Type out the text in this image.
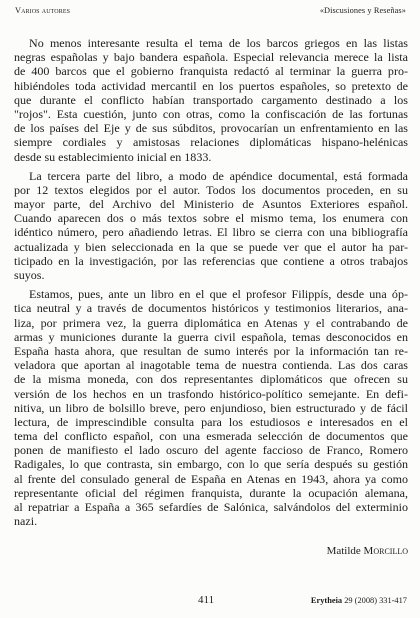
Varios autores	«Discusiones y Reseñas»
No menos interesante resulta el tema de los barcos griegos en las listas
negras españolas y bajo bandera española. Especial relevancia merece la lista
de 400 barcos que el gobierno franquista redactó al terminar la guerra pro-
hibiéndoles toda actividad mercantil en los puertos españoles, so pretexto de
que durante el conflicto habían transportado cargamento destinado a los
"rojos". Esta cuestión, junto con otras, como la confiscación de las fortunas
de los países del Eje y de sus súbditos, provocarían un enfrentamiento en las
siempre cordiales y amistosas relaciones diplomáticas hispano-helénicas
desde su establecimiento inicial en 1833.
La tercera parte del libro, a modo de apéndice documental, está formada
por 12 textos elegidos por el autor. Todos los documentos proceden, en su
mayor parte, del Archivo del Ministerio de Asuntos Exteriores español.
Cuando aparecen dos o más textos sobre el mismo tema, los enumera con
idéntico número, pero añadiendo letras. El libro se cierra con una bibliografía
actualizada y bien seleccionada en la que se puede ver que el autor ha par-
ticipado en la investigación, por las referencias que contiene a otros trabajos
suyos.
Estamos, pues, ante un libro en el que el profesor Filippís, desde una óp-
tica neutral y a través de documentos históricos y testimonios literarios, ana-
liza, por primera vez, la guerra diplomática en Atenas y el contrabando de
armas y municiones durante la guerra civil española, temas desconocidos en
España hasta ahora, que resultan de sumo interés por la información tan re-
veladora que aportan al inagotable tema de nuestra contienda. Las dos caras
de la misma moneda, con dos representantes diplomáticos que ofrecen su
versión de los hechos en un trasfondo histórico-político semejante. En defi-
nitiva, un libro de bolsillo breve, pero enjundioso, bien estructurado y de fácil
lectura, de imprescindible consulta para los estudiosos e interesados en el
tema del conflicto español, con una esmerada selección de documentos que
ponen de manifiesto el lado oscuro del agente faccioso de Franco, Romero
Radigales, lo que contrasta, sin embargo, con lo que sería después su gestión
al frente del consulado general de España en Atenas en 1943, ahora ya como
representante oficial del régimen franquista, durante la ocupación alemana,
al repatriar a España a 365 sefardíes de Salónica, salvándolos del exterminio
nazi.
Matilde Morcillo
411	Erytheia 29 (2008) 331-417
